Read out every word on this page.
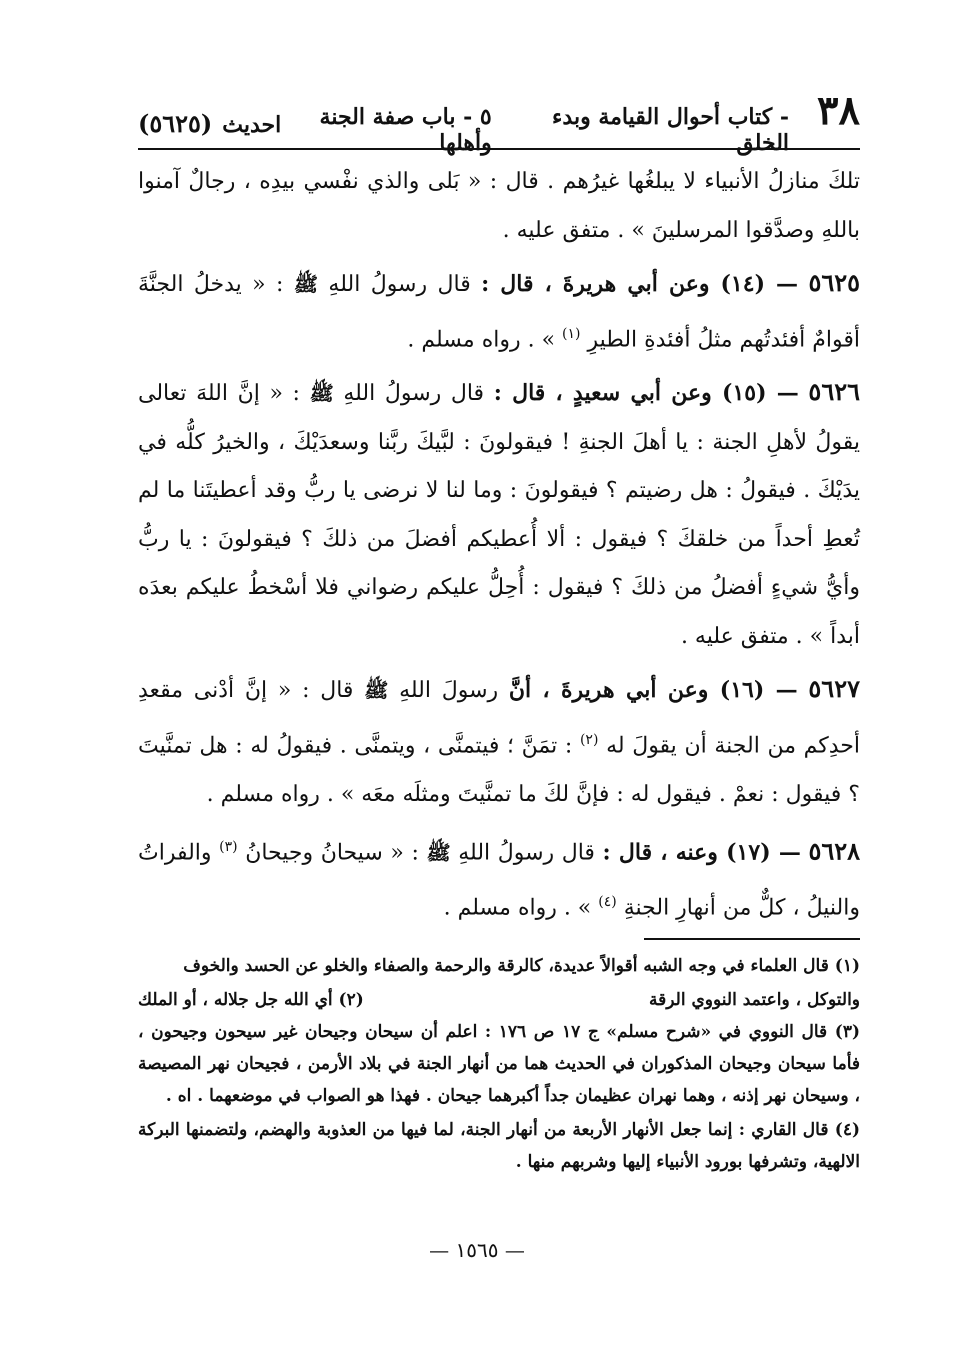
٣٨
- كتاب أحوال القيامة وبدء الخلق
٥ - باب صفة الجنة وأهلها
احديث
(٥٦٢٥)

تلكَ منازلُ الأنبياء لا يبلغُها غيرُهم . قال : « بَلى والذي نفْسي بيدِه ، رجالٌ آمنوا باللهِ وصدَّقوا المرسلينَ » . متفق عليه .

٥٦٢٥ — (١٤) وعن أبي هريرةَ ، قال : قال رسولُ اللهِ ﷺ : « يدخلُ الجنَّةَ أقوامٌ أفئدتُهم مثلُ أفئدةِ الطيرِ $^{(١)}$ » . رواه مسلم .

٥٦٢٦ — (١٥) وعن أبي سعيدٍ ، قال : قال رسولُ اللهِ ﷺ : « إنَّ اللهَ تعالى يقولُ لأهلِ الجنة : يا أهلَ الجنةِ ! فيقولونَ : لبَّيكَ ربَّنا وسعدَيْكَ ، والخيرُ كلُّه في يدَيْكَ . فيقولُ : هل رضيتم ؟ فيقولونَ : وما لنا لا نرضى يا ربُّ وقد أعطيتَنا ما لم تُعطِ أحداً من خلقكَ ؟ فيقول : ألا أُعطيكم أفضلَ من ذلكَ ؟ فيقولونَ : يا ربُّ وأيُّ شيءٍ أفضلُ من ذلكَ ؟ فيقول : أُحِلُّ عليكم رضواني فلا أسْخطُ عليكم بعدَه أبداً » . متفق عليه .

٥٦٢٧ — (١٦) وعن أبي هريرةَ ، أنَّ رسولَ اللهِ ﷺ قال : « إنَّ أدْنى مقعدِ أحدِكم من الجنة أن يقولَ له $^{(٢)}$ : تمَنَّ ؛ فيتمنَّى ، ويتمنَّى . فيقولُ له : هل تمنَّيتَ ؟ فيقول : نعمْ . فيقول له : فإنَّ لكَ ما تمنَّيتَ ومثلَه معَه » . رواه مسلم .

٥٦٢٨ — (١٧) وعنه ، قال : قال رسولُ اللهِ ﷺ : « سيحانُ وجيحانُ $^{(٣)}$ والفراتُ والنيلُ ، كلٌّ من أنهارِ الجنةِ $^{(٤)}$ » . رواه مسلم .

(١) قال العلماء في وجه الشبه أقوالاً عديدة، كالرقة والرحمة والصفاء والخلو عن الحسد والخوف

والتوكل ، واعتمد النووي الرقة
(٢) أي الله جل جلاله ، أو الملك

(٣) قال النووي في «شرح مسلم» ج ١٧ ص ١٧٦ : اعلم أن سيحان وجيحان غير سيحون وجيحون ، فأما سيحان وجيحان المذكوران في الحديث هما من أنهار الجنة في بلاد الأرمن ، فجيحان نهر المصيصة ، وسيحان نهر إذنه ، وهما نهران عظيمان جداً أكبرهما جيحان . فهذا هو الصواب في موضعهما . اه .

(٤) قال القاري : إنما جعل الأنهار الأربعة من أنهار الجنة، لما فيها من العذوبة والهضم، ولتضمنها البركة الالهية، وتشرفها بورود الأنبياء إليها وشربهم منها .

— ١٥٦٥ —
